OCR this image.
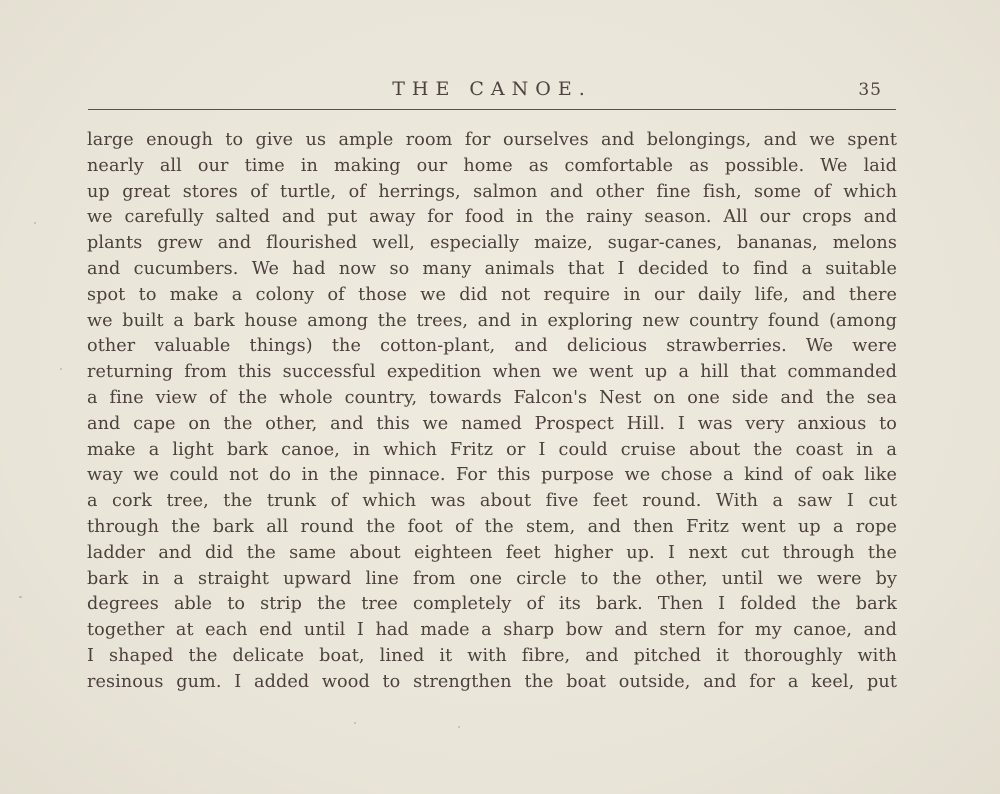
THE CANOE.	35
large enough to give us ample room for ourselves and belongings, and we spent
nearly all our time in making our home as comfortable as possible. We laid
up great stores of turtle, of herrings, salmon and other fine fish, some of which
we carefully salted and put away for food in the rainy season. All our crops and
plants grew and flourished well, especially maize, sugar-canes, bananas, melons
and cucumbers. We had now so many animals that I decided to find a suitable
spot to make a colony of those we did not require in our daily life, and there
we built a bark house among the trees, and in exploring new country found (among
other valuable things) the cotton-plant, and delicious strawberries. We were
returning from this successful expedition when we went up a hill that commanded
a fine view of the whole country, towards Falcon's Nest on one side and the sea
and cape on the other, and this we named Prospect Hill. I was very anxious to
make a light bark canoe, in which Fritz or I could cruise about the coast in a
way we could not do in the pinnace. For this purpose we chose a kind of oak like
a cork tree, the trunk of which was about five feet round. With a saw I cut
through the bark all round the foot of the stem, and then Fritz went up a rope
ladder and did the same about eighteen feet higher up. I next cut through the
bark in a straight upward line from one circle to the other, until we were by
degrees able to strip the tree completely of its bark. Then I folded the bark
together at each end until I had made a sharp bow and stern for my canoe, and
I shaped the delicate boat, lined it with fibre, and pitched it thoroughly with
resinous gum. I added wood to strengthen the boat outside, and for a keel, put
